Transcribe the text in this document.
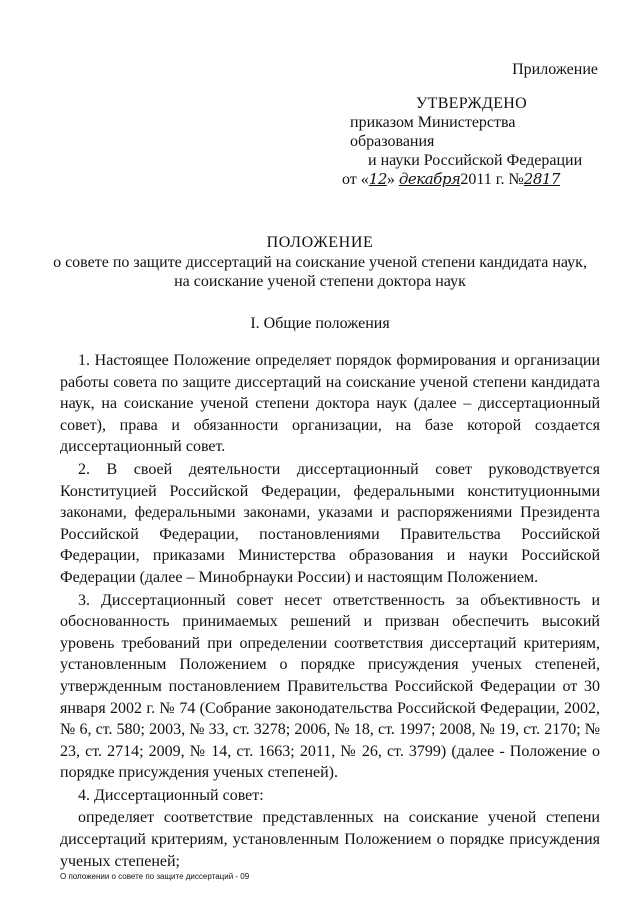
Приложение
УТВЕРЖДЕНО
приказом Министерства образования
и науки Российской Федерации
от «12» декабря2011 г. №2817
ПОЛОЖЕНИЕ
о совете по защите диссертаций на соискание ученой степени кандидата наук,
на соискание ученой степени доктора наук
I. Общие положения

1. Настоящее Положение определяет порядок формирования и организации работы совета по защите диссертаций на соискание ученой степени кандидата наук, на соискание ученой степени доктора наук (далее – диссертационный совет), права и обязанности организации, на базе которой создается диссертационный совет.

2. В своей деятельности диссертационный совет руководствуется Конституцией Российской Федерации, федеральными конституционными законами, федеральными законами, указами и распоряжениями Президента Российской Федерации, постановлениями Правительства Российской Федерации, приказами Министерства образования и науки Российской Федерации (далее – Минобрнауки России) и настоящим Положением.

3. Диссертационный совет несет ответственность за объективность и обоснованность принимаемых решений и призван обеспечить высокий уровень требований при определении соответствия диссертаций критериям, установленным Положением о порядке присуждения ученых степеней, утвержденным постановлением Правительства Российской Федерации от 30 января 2002 г. № 74 (Собрание законодательства Российской Федерации, 2002, № 6, ст. 580; 2003, № 33, ст. 3278; 2006, № 18, ст. 1997; 2008, № 19, ст. 2170; № 23, ст. 2714; 2009, № 14, ст. 1663; 2011, № 26, ст. 3799) (далее - Положение о порядке присуждения ученых степеней).

4. Диссертационный совет:

определяет соответствие представленных на соискание ученой степени диссертаций критериям, установленным Положением о порядке присуждения ученых степеней;

О положении о совете по защите диссертаций - 09
